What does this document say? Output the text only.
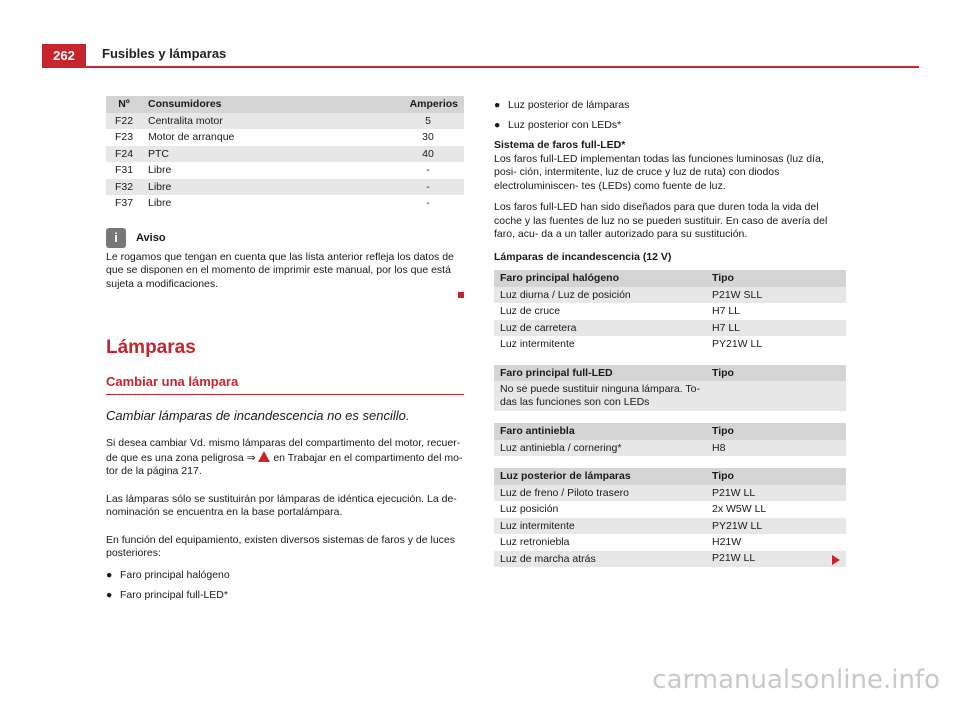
262	Fusibles y lámparas
Nº	Consumidores	Amperios
F22	Centralita motor	5
F23	Motor de arranque	30
F24	PTC	40
F31	Libre	-
F32	Libre	-
F37	Libre	-
i	Aviso

Le rogamos que tengan en cuenta que las lista anterior refleja los datos de que se disponen en el momento de imprimir este manual, por los que está sujeta a modificaciones.

Lámparas
Cambiar una lámpara
Cambiar lámparas de incandescencia no es sencillo.

Si desea cambiar Vd. mismo lámparas del compartimento del motor, recuer- de que es una zona peligrosa ⇒ en Trabajar en el compartimento del mo- tor de la página 217.

Las lámparas sólo se sustituirán por lámparas de idéntica ejecución. La de- nominación se encuentra en la base portalámpara.

En función del equipamiento, existen diversos sistemas de faros y de luces posteriores:

● Faro principal halógeno
● Faro principal full-LED*
● Luz posterior de lámparas
● Luz posterior con LEDs*

Sistema de faros full-LED*

Los faros full-LED implementan todas las funciones luminosas (luz día, posi- ción, intermitente, luz de cruce y luz de ruta) con diodos electroluminiscen- tes (LEDs) como fuente de luz.

Los faros full-LED han sido diseñados para que duren toda la vida del coche y las fuentes de luz no se pueden sustituir. En caso de avería del faro, acu- da a un taller autorizado para su sustitución.

Lámparas de incandescencia (12 V)

Faro principal halógeno	Tipo
Luz diurna / Luz de posición	P21W SLL
Luz de cruce	H7 LL
Luz de carretera	H7 LL
Luz intermitente	PY21W LL
Faro principal full-LED	Tipo
No se puede sustituir ninguna lámpara. To- das las funciones son con LEDs	
Faro antiniebla	Tipo
Luz antiniebla / cornering*	H8
Luz posterior de lámparas	Tipo
Luz de freno / Piloto trasero	P21W LL
Luz posición	2x W5W LL
Luz intermitente	PY21W LL
Luz retroniebla	H21W
Luz de marcha atrás	P21W LL
carmanualsonline.info
